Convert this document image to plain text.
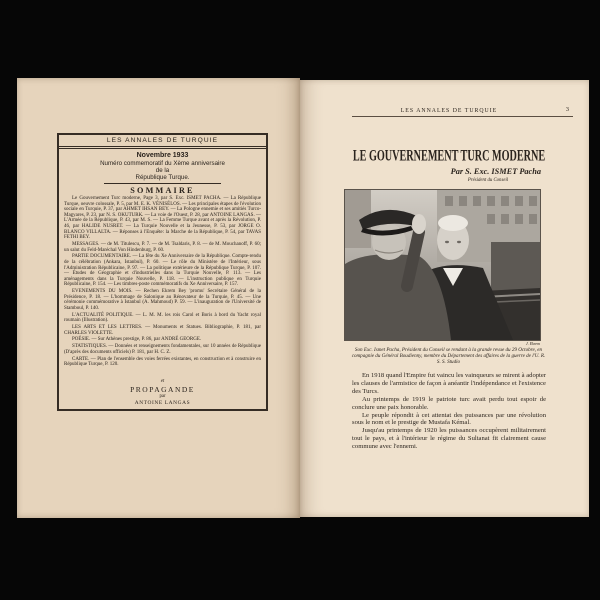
LES ANNALES DE TURQUIE
Novembre 1933
Numéro commemoratif du Xème anniversaire
de la
République Turque.
SOMMAIRE

Le Gouvernement Turc moderne, Page 3, par S. Exc. ISMET PACHA. — La République Turque, oeuvre colossale, P. 5, par M. E. K. VÉNISÉLOS. — Les principales étapes de l'évolution sociale en Turquie, P. 37, par AHMET IHSAN BEY. — La Pologne ennemie et ses amitiés Turco-Magyares, P. 23, par N. S. OKUTURK. — La voie de l'Ouest, P. 28, par ANTOINE LANGAS. — L'Armée de la République, P. 43, par M. S. — La Femme Turque avant et après la Révolution, P. 46, par HALIDE NUSRET. — La Turquie Nouvelle et la Jeunesse, P. 53, par JORGE O. BLANCO VILLALTA. — Réponses à l'Enquête: la Marche de la République, P. 54, par TAVAS FETHI BEY.

MESSAGES. — de M. Titulescu, P. 7. — de M. Tsaldaris, P. 8. — de M. Mouchanoff, P. 60; un salut du Feld-Maréchal Von Hindenburg, P. 60.

PARTIE DOCUMENTAIRE. — La fête du Xe Anniversaire de la République. Compte-rendu de la célébration (Ankara, Istanbul), P. 60. — Le rôle du Ministère de l'Intérieur, sous l'Administration Républicaine, P. 97. — La politique extérieure de la République Turque, P. 107. — Études de Géographie et d'industrielles dans la Turquie Nouvelle, P. 113. — Les aménagements dans la Turquie Nouvelle, P. 118. — L'instruction publique en Turquie Républicaine, P. 154. — Les timbres-poste commémoratifs du Xe Anniversaire, P. 157.

EVENEMENTS DU MOIS. — Rechen Ekrem Bey 'promu' Secrétaire Général de la Présidence, P. 18. — L'hommage de Salonique au Rénovateur de la Turquie, P. 45. — Une cérémonie commémorative à Istanbul (A. Mahmoud) P. 59. — L'inauguration de l'Université de Stamboul, P. 140.

L'ACTUALITÉ POLITIQUE. — L. M. M. les rois Carol et Boris à bord du Yacht royal roumain (Illustration).

LES ARTS ET LES LETTRES. — Monuments et Statues. Bibliographie, P. 181, par CHARLES VIOLETTE.

POÉSIE. — Sur Athènes prestige, P. 86, par ANDRÉ GEORGE.

STATISTIQUES. — Données et renseignements fondamentales, sur 10 années de République (D'après des documents officiels) P. 181, par H. C. Z.

CARTE. — Plan de l'ensemble des voies ferrées existantes, en construction et à construire en République Turque, P. 120.

et
PROPAGANDE
par
ANTOINE LANGAS
LES ANNALES DE TURQUIE	3
LE GOUVERNEMENT TURC MODERNE
Par S. Exc. ISMET Pacha
Président du Conseil
J. Ekrem
Son Exc. Ismet Pacha, Président du Conseil se rendant à la grande revue du 29 Octobre, en compagnie du Général Boudienny, membre du Département des affaires de la guerre de l'U. R. S. S. Studio

En 1918 quand l'Empire fut vaincu les vainqueurs se mirent à adopter les clauses de l'armistice de façon à anéantir l'indépendance et l'existence des Turcs.

Au printemps de 1919 le patriote turc avait perdu tout espoir de conclure une paix honorable.

Le peuple répondit à cet attentat des puissances par une révolution sous le nom et le prestige de Mustafa Kémal.

Jusqu'au printemps de 1920 les puissances occupèrent militairement tout le pays, et à l'intérieur le régime du Sultanat fit clairement cause commune avec l'ennemi.
